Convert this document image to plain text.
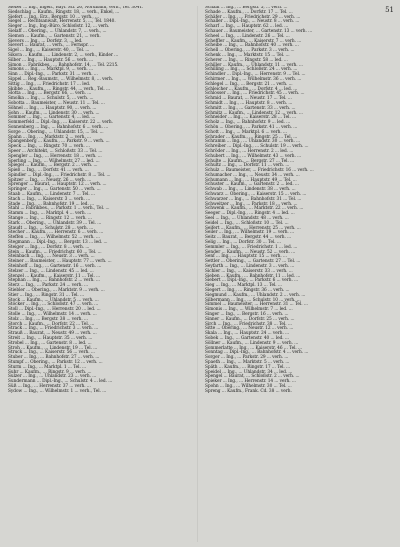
51

Sieber ... Ing., Ingen., Bayr. Str. 26, Nordbahn, verh., Tel. 3041.

Siedschlag ... Kaufm., Ringstr. 18, ... verh., Enkel, ...

Siefert ... Ing., Erz., Bergstr. 10 ... verh., ...

Siegel ... Rechtsanwalt, Herrenstr. 5, ..., Tel. 1840.

Sieger ... Ing., Ing.-Büro, Schloßstr. 12, ... verh.

Sielaff ... Obering., ... Uhlandstr. 7, ... verh., ...

Siemon ... Kaufm., ... Gartenstr. 21, ... verh.

Sievers ... Ing., ... Dorfstr. 3, ... led.

Sievert ... Baurat, ... verh., ... Fernspr. ...

Sigel ... Ing., ... Kaiserstr. 40, ... Tel. ...

Sikora ... Kaufm., ... Lindenstr. 2, ... verh., Kinder ...

Silber ... Ing., ... Hauptstr. 56 ... verh. ...

Simon ... Fabrikbes., ... Bahnhofstr. 14, ... Tel. 2215.

Simons ... Ing., ... Marktpl. 9, ... verh. ...

Sinn ... Dipl.-Ing., ... Parkstr. 31 ... verh. ...

Sippel ... Reg.-Baumstr., ... Wilhelmstr. 8, ... verh.

Sittig ... Ing., ... Friedrichstr. 17 ... led.

Skibbe ... Kaufm., ... Ringstr. 44, ... verh., Tel. ...

Slotta ... Ing., ... Bergstr. 66, ... verh. ...

Smolka ... Ing., ... Schulstr. 5, ... verh. ...

Sobotta ... Baumeister, ... Neustr. 11 ... Tel. ...

Söhnel ... Ing., ... Hauptstr. 90, ... verh. ...

Sohn ... Kaufm., ... Lindenstr. 30 ... verh. ...

Sommer ... Ing., ... Gartenstr. 4, ... led. ...

Sommerfeld ... Dipl.-Ing., ... Kaiserstr. 22 ... verh.

Sonnenberg ... Ing., ... Bahnhofstr. 6 ... verh. ...

Sorge ... Obering., ... Uhlandstr. 15, ... Tel. ...

Spahn ... Ing., ... Marktstr. 2 ... verh. ...

Spangenberg ... Kaufm., ... Parkstr. 9 ... verh. ...

Speck ... Ing., ... Ringstr. 70 ... verh. ...

Speer ... Architekt, ... Schloßstr. 33 ... Tel. ...

Spengler ... Ing., ... Herrenstr. 18 ... verh. ...

Sperling ... Ing., ... Wilhelmstr. 27 ... led. ...

Spiegel ... Kaufm., ... Bergstr. 2 ... verh. ...

Spieß ... Ing., ... Dorfstr. 41 ... verh. ...

Spindler ... Dipl.-Ing., ... Friedrichstr. 8 ... Tel. ...

Spitzer ... Ing., ... Neustr. 26 ... verh. ...

Sprenger ... Baurat, ... Hauptstr. 12 ... verh. ...

Springer ... Ing., ... Gartenstr. 50 ... verh. ...

Staab ... Kaufm., ... Lindenstr. 7 ... Tel. ...

Stach ... Ing., ... Kaiserstr. 3 ... verh. ...

Stade ... Ing., ... Bahnhofstr. 19 ... led. ...

Stahl ... Fabrikbes., ... Parkstr. 1 ... verh., Tel. ...

Stamm ... Ing., ... Marktpl. 4 ... verh. ...

Stange ... Ing., ... Ringstr. 12 ... verh. ...

Stark ... Obering., ... Uhlandstr. 39 ... Tel. ...

Staudt ... Ing., ... Schulstr. 28 ... verh. ...

Stecher ... Kaufm., ... Herrenstr. 6 ... verh. ...

Steffen ... Ing., ... Wilhelmstr. 52 ... verh. ...

Stegmann ... Dipl.-Ing., ... Bergstr. 13 ... led. ...

Steiger ... Ing., ... Dorfstr. 8 ... verh. ...

Stein ... Kaufm., ... Friedrichstr. 60 ... Tel. ...

Steinbach ... Ing., ... Neustr. 3 ... verh. ...

Steiner ... Baumeister, ... Hauptstr. 77 ... verh. ...

Steinhoff ... Ing., ... Gartenstr. 16 ... verh. ...

Stelzer ... Ing., ... Lindenstr. 45 ... led. ...

Stenzel ... Kaufm., ... Kaiserstr. 11 ... Tel. ...

Stephan ... Ing., ... Bahnhofstr. 2 ... verh. ...

Sterz ... Ing., ... Parkstr. 24 ... verh. ...

Stiebler ... Obering., ... Marktstr. 9 ... verh. ...

Stier ... Ing., ... Ringstr. 31 ... Tel. ...

Stock ... Kaufm., ... Uhlandstr. 5 ... verh. ...

Stöcker ... Ing., ... Schloßstr. 47 ... verh. ...

Stoll ... Dipl.-Ing., ... Herrenstr. 20 ... led. ...

Stolle ... Ing., ... Wilhelmstr. 14 ... verh. ...

Stolz ... Ing., ... Bergstr. 38 ... verh. ...

Storch ... Kaufm., ... Dorfstr. 22 ... Tel. ...

Strack ... Ing., ... Friedrichstr. 3 ... verh. ...

Strauß ... Baurat, ... Neustr. 49 ... verh. ...

Streit ... Ing., ... Hauptstr. 35 ... verh. ...

Strobel ... Ing., ... Gartenstr. 8 ... led. ...

Stroh ... Kaufm., ... Lindenstr. 19 ... Tel. ...

Struck ... Ing., ... Kaiserstr. 56 ... verh. ...

Stuber ... Ing., ... Bahnhofstr. 27 ... verh. ...

Stumpf ... Obering., ... Parkstr. 12 ... verh. ...

Sturm ... Ing., ... Marktpl. 1 ... Tel. ...

Suhr ... Kaufm., ... Ringstr. 9 ... verh. ...

Sulzer ... Ing., ... Uhlandstr. 23 ... verh. ...

Sundermann ... Dipl.-Ing., ... Schulstr. 4 ... led. ...

Süß ... Ing., ... Herrenstr. 37 ... verh. ...

Sydow ... Ing., ... Wilhelmstr. 1 ... verh., Tel. ...

Schaaf ... Ing., ... Bergstr. 5, ... verh. ...

Schade ... Kaufm., ... Dorfstr. 17 ... Tel. ...

Schäfer ... Ing., ... Friedrichstr. 29 ... verh. ...

Schaller ... Dipl.-Ing., ... Neustr. 8 ... verh. ...

Scharf ... Ing., ... Hauptstr. 62 ... led. ...

Schauer ... Baumeister, ... Gartenstr. 13 ... verh. ...

Scheel ... Ing., ... Lindenstr. 26 ... Tel. ...

Scheffler ... Kaufm., ... Kaiserstr. 7 ... verh. ...

Scheibe ... Ing., ... Bahnhofstr. 40 ... verh. ...

Schell ... Obering., ... Parkstr. 3 ... verh. ...

Schenk ... Ing., ... Marktstr. 15 ... Tel. ...

Scherer ... Ing., ... Ringstr. 58 ... led. ...

Schiller ... Kaufm., ... Uhlandstr. 11 ... verh. ...

Schilling ... Ing., ... Schloßstr. 24 ... verh. ...

Schindler ... Dipl.-Ing., ... Herrenstr. 9 ... Tel. ...

Schirmer ... Ing., ... Wilhelmstr. 36 ... verh. ...

Schlegel ... Ing., ... Bergstr. 21 ... verh. ...

Schleicher ... Kaufm., ... Dorfstr. 4 ... led. ...

Schlosser ... Ing., ... Friedrichstr. 45 ... verh. ...

Schmid ... Baurat, ... Neustr. 17 ... Tel. ...

Schmidt ... Ing., ... Hauptstr. 8 ... verh. ...

Schmitt ... Ing., ... Gartenstr. 33 ... verh. ...

Schmitz ... Kaufm., ... Lindenstr. 12 ... verh. ...

Schneider ... Ing., ... Kaiserstr. 28 ... Tel. ...

Scholz ... Ing., ... Bahnhofstr. 9 ... led. ...

Schön ... Obering., ... Parkstr. 41 ... verh. ...

Schott ... Ing., ... Marktpl. 6 ... verh. ...

Schrader ... Kaufm., ... Ringstr. 25 ... Tel. ...

Schramm ... Ing., ... Uhlandstr. 30 ... verh. ...

Schreiber ... Dipl.-Ing., ... Schulstr. 19 ... verh. ...

Schröder ... Ing., ... Herrenstr. 2 ... led. ...

Schubert ... Ing., ... Wilhelmstr. 43 ... verh. ...

Schulte ... Kaufm., ... Bergstr. 27 ... Tel. ...

Schultz ... Ing., ... Dorfstr. 11 ... verh. ...

Schulz ... Baumeister, ... Friedrichstr. 16 ... verh. ...

Schumacher ... Ing., ... Neustr. 34 ... verh. ...

Schumann ... Ing., ... Hauptstr. 49 ... Tel. ...

Schuster ... Kaufm., ... Gartenstr. 2 ... led. ...

Schwab ... Ing., ... Lindenstr. 38 ... verh. ...

Schwarz ... Obering., ... Kaiserstr. 15 ... verh. ...

Schwarzer ... Ing., ... Bahnhofstr. 31 ... Tel. ...

Schweitzer ... Ing., ... Parkstr. 18 ... verh. ...

Schwenk ... Kaufm., ... Marktstr. 22 ... verh. ...

Seeger ... Dipl.-Ing., ... Ringstr. 4 ... led. ...

Seel ... Ing., ... Uhlandstr. 48 ... verh. ...

Seidel ... Ing., ... Schloßstr. 10 ... Tel. ...

Seifert ... Kaufm., ... Herrenstr. 25 ... verh. ...

Seiler ... Ing., ... Wilhelmstr. 19 ... verh. ...

Seitz ... Baurat, ... Bergstr. 44 ... verh. ...

Selig ... Ing., ... Dorfstr. 30 ... Tel. ...

Semmler ... Ing., ... Friedrichstr. 1 ... led. ...

Sender ... Kaufm., ... Neustr. 52 ... verh. ...

Senf ... Ing., ... Hauptstr. 15 ... verh. ...

Settler ... Obering., ... Gartenstr. 27 ... Tel. ...

Seyfarth ... Ing., ... Lindenstr. 3 ... verh. ...

Sichler ... Ing., ... Kaiserstr. 33 ... verh. ...

Sieben ... Kaufm., ... Bahnhofstr. 11 ... led. ...

Siebert ... Dipl.-Ing., ... Parkstr. 6 ... verh. ...

Sieg ... Ing., ... Marktpl. 13 ... Tel. ...

Siegert ... Ing., ... Ringstr. 36 ... verh. ...

Siegmund ... Kaufm., ... Uhlandstr. 2 ... verh. ...

Silbermann ... Ing., ... Schulstr. 10 ... verh. ...

Simmel ... Baumeister, ... Herrenstr. 31 ... Tel. ...

Simonis ... Ing., ... Wilhelmstr. 7 ... led. ...

Singer ... Ing., ... Bergstr. 16 ... verh. ...

Sinner ... Kaufm., ... Dorfstr. 25 ... verh. ...

Sirch ... Ing., ... Friedrichstr. 38 ... Tel. ...

Sitte ... Obering., ... Neustr. 12 ... verh. ...

Skala ... Ing., ... Hauptstr. 24 ... verh. ...

Sobek ... Ing., ... Gartenstr. 40 ... led. ...

Söllner ... Kaufm., ... Lindenstr. 9 ... verh. ...

Sommerlatte ... Ing., ... Kaiserstr. 46 ... Tel. ...

Sonntag ... Dipl.-Ing., ... Bahnhofstr. 4 ... verh. ...

Sorger ... Ing., ... Parkstr. 29 ... verh. ...

Spaeth ... Ing., ... Marktstr. 5 ... verh. ...

Späth ... Kaufm., ... Ringstr. 17 ... Tel. ...

Speidel ... Ing., ... Uhlandstr. 34 ... led. ...

Spengel ... Baurat, ... Schloßstr. 2 ... verh. ...

Spieker ... Ing., ... Herrenstr. 14 ... verh. ...

Spohn ... Ing., ... Wilhelmstr. 30 ... Tel. ...

Spreng ... Kaufm., Frank. Cd. 38 ... verh.
